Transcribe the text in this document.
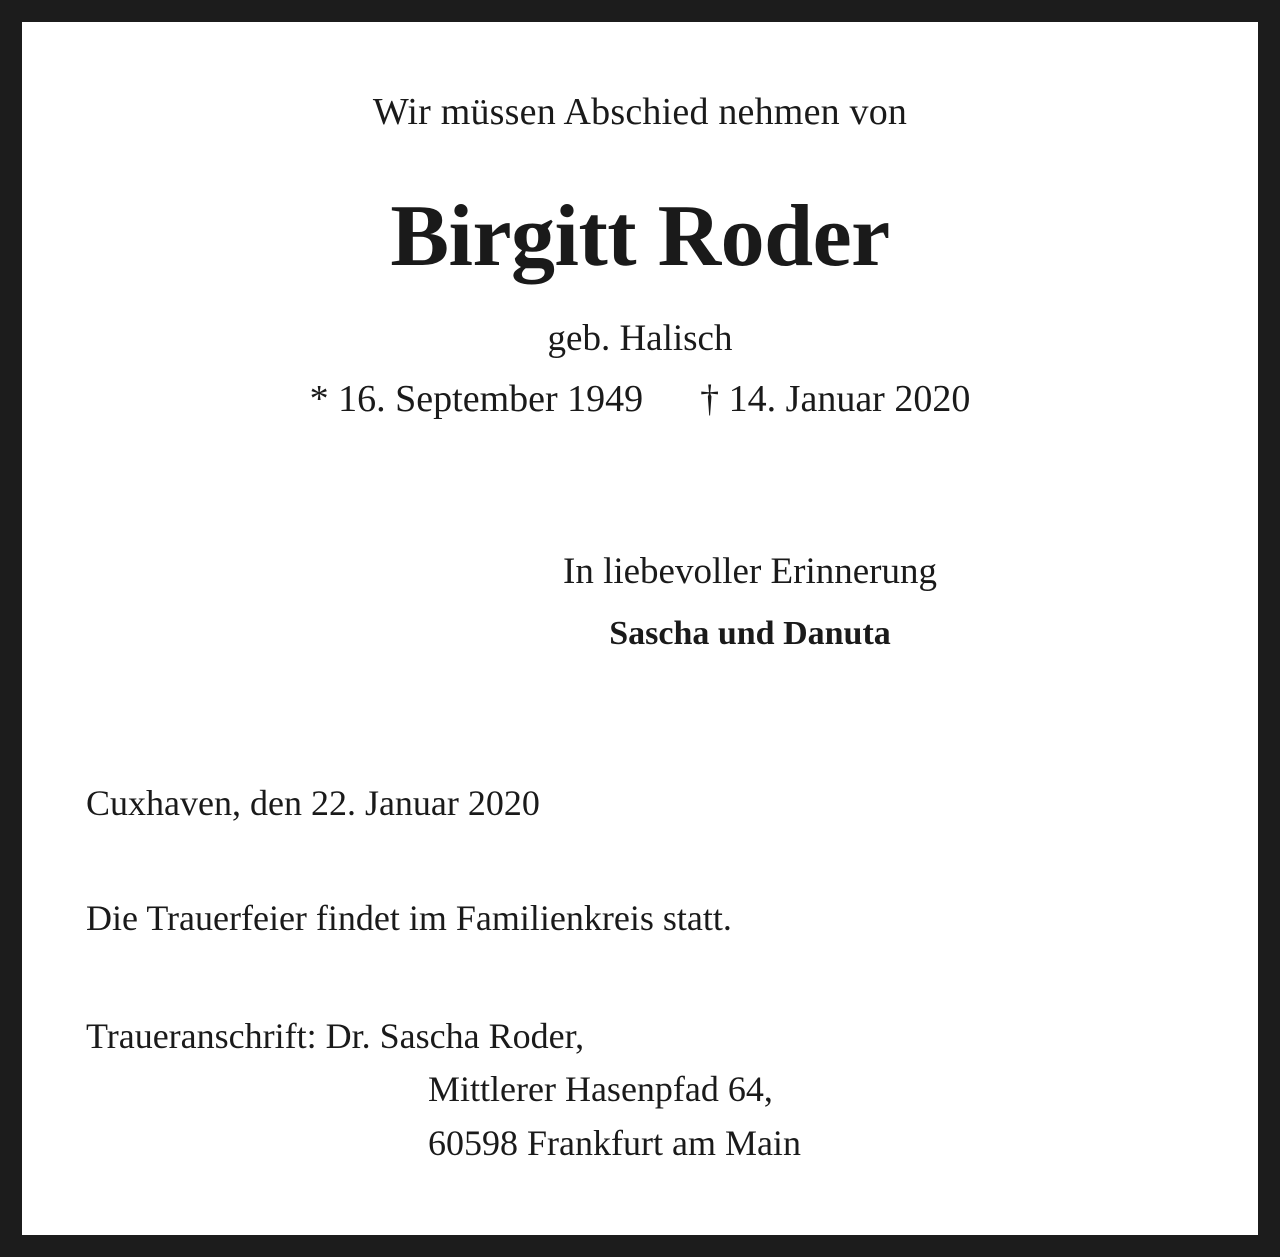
Wir müssen Abschied nehmen von
Birgitt Roder
geb. Halisch
* 16. September 1949      † 14. Januar 2020
In liebevoller Erinnerung
Sascha und Danuta
Cuxhaven, den 22. Januar 2020
Die Trauerfeier findet im Familienkreis statt.
Traueranschrift: Dr. Sascha Roder,
Mittlerer Hasenpfad 64,
60598 Frankfurt am Main
